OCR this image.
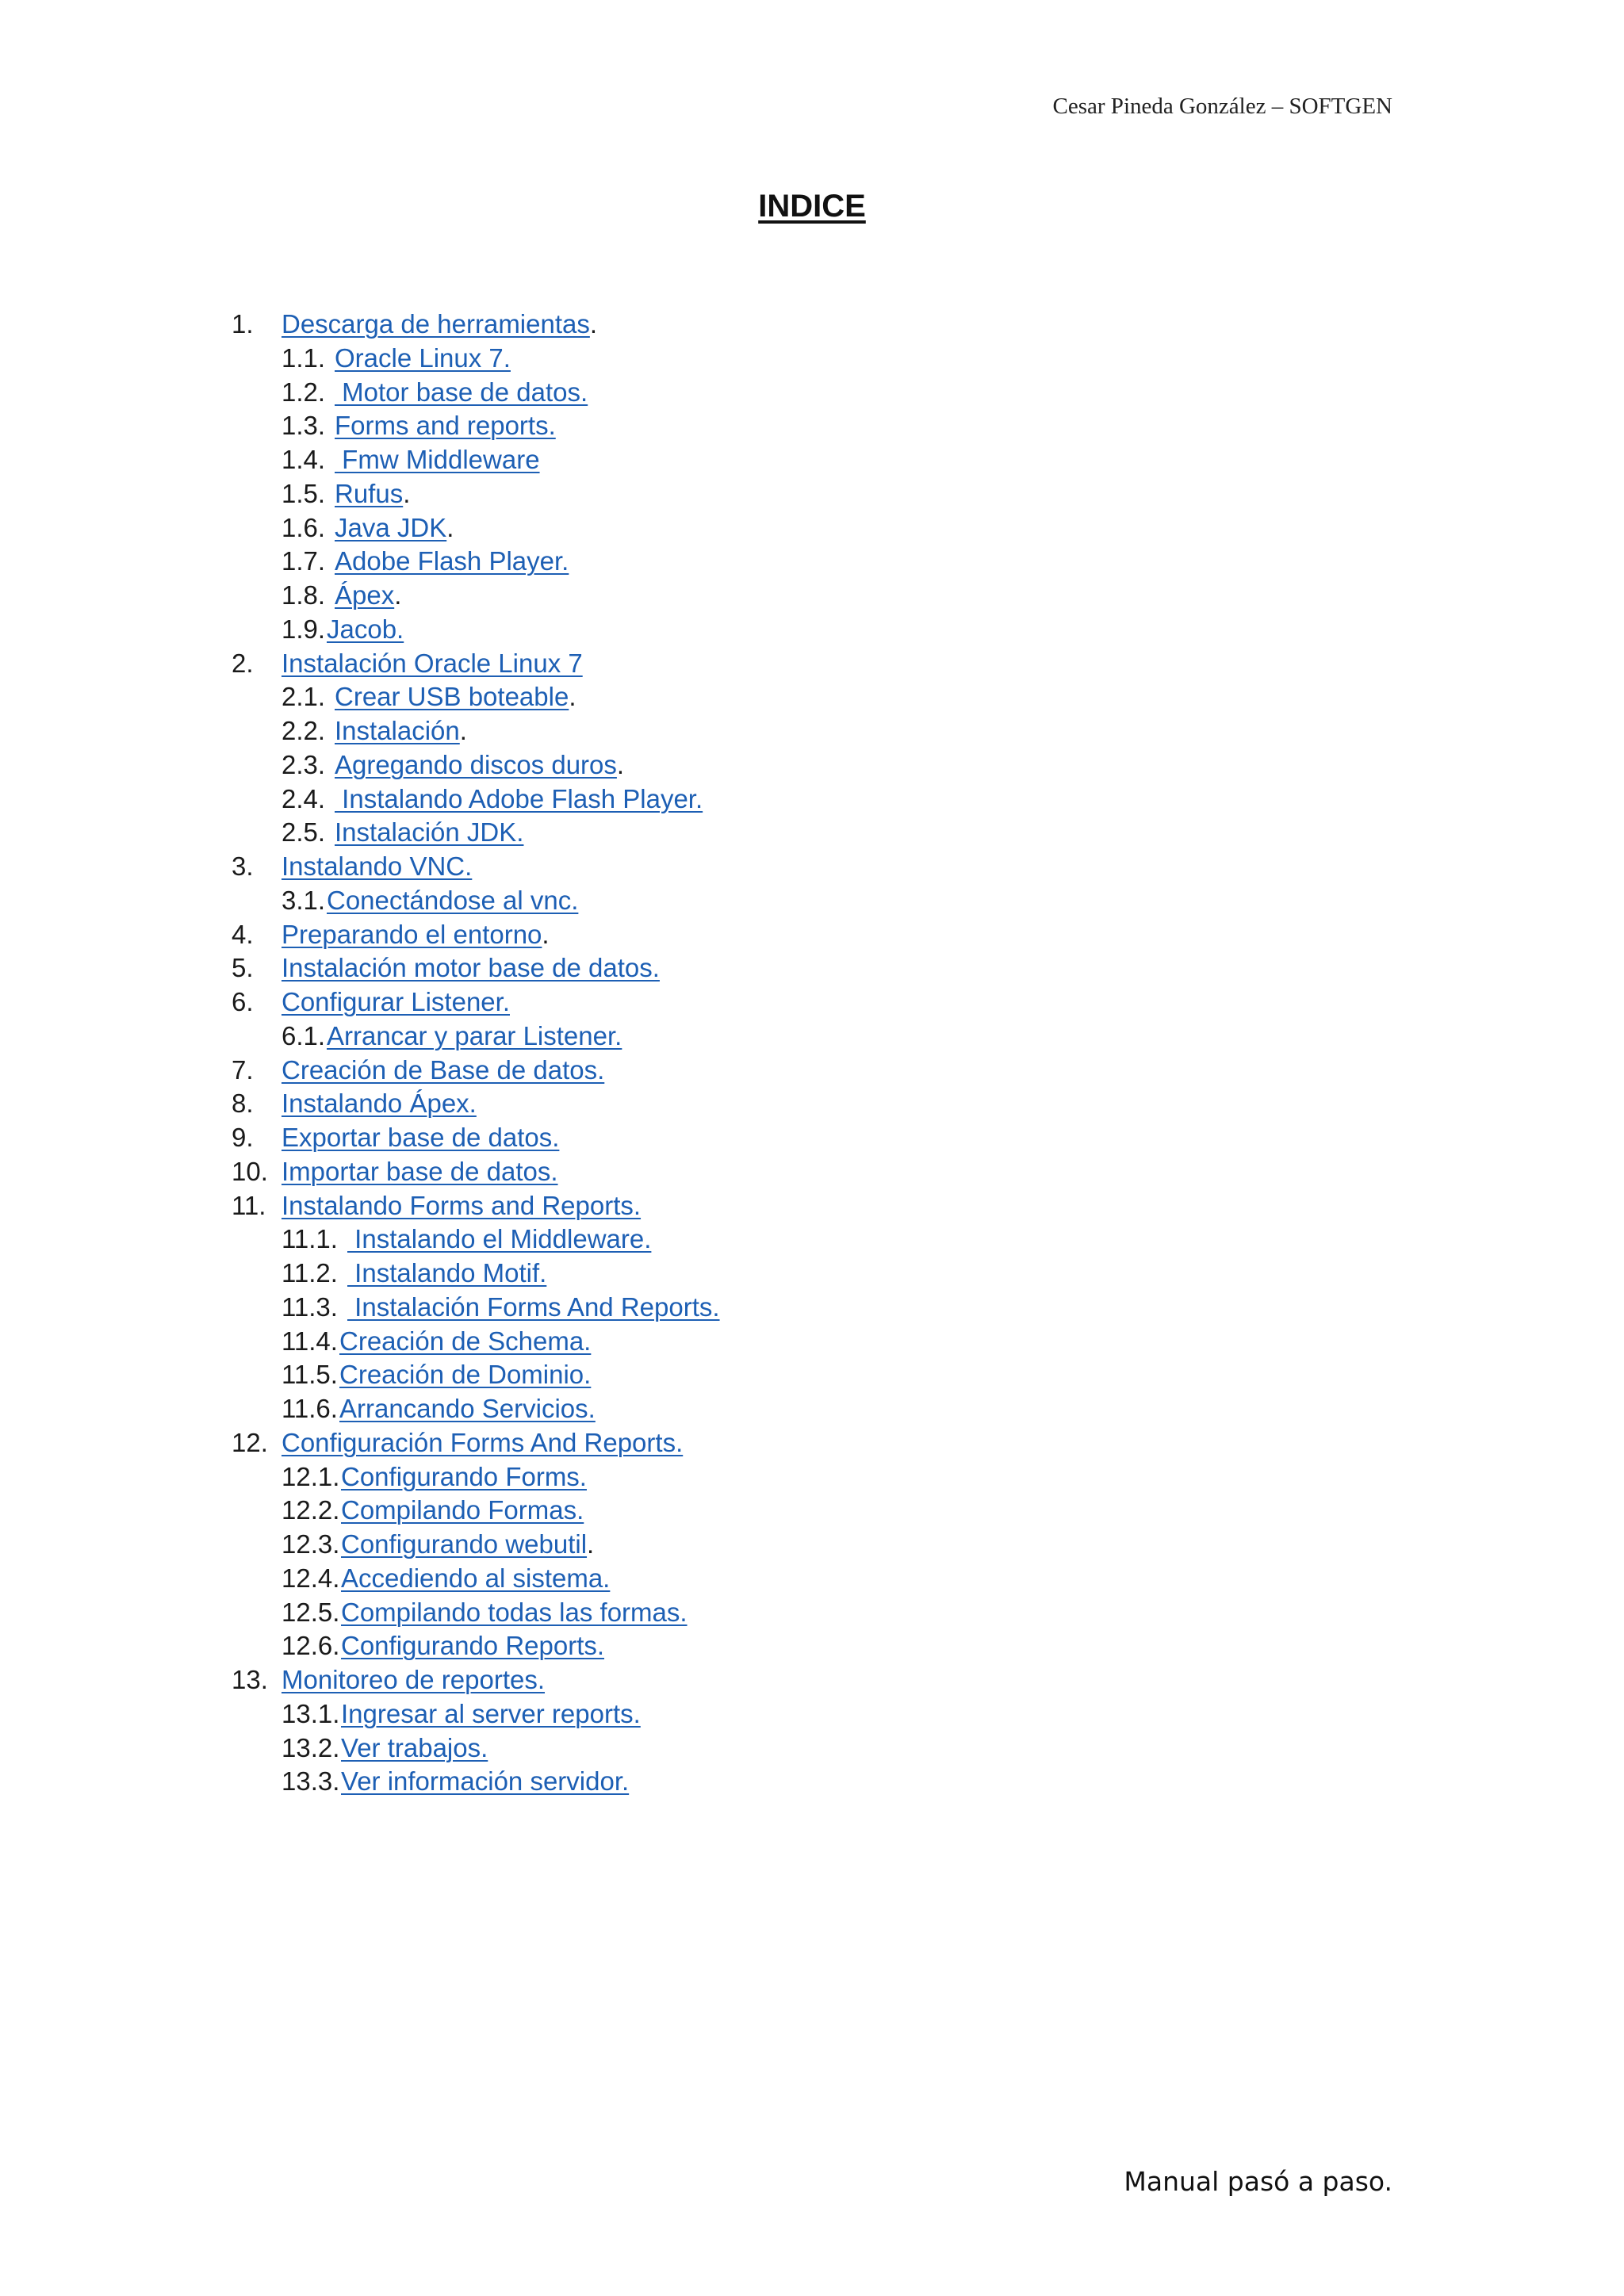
Cesar Pineda González – SOFTGEN
INDICE
1. Descarga de herramientas.
1.1. Oracle Linux 7.
1.2. Motor base de datos.
1.3. Forms and reports.
1.4. Fmw Middleware
1.5. Rufus.
1.6. Java JDK.
1.7. Adobe Flash Player.
1.8. Ápex.
1.9. Jacob.
2. Instalación Oracle Linux 7
2.1. Crear USB boteable.
2.2. Instalación.
2.3. Agregando discos duros.
2.4. Instalando Adobe Flash Player.
2.5. Instalación JDK.
3. Instalando VNC.
3.1. Conectándose al vnc.
4. Preparando el entorno.
5. Instalación motor base de datos.
6. Configurar Listener.
6.1. Arrancar y parar Listener.
7. Creación de Base de datos.
8. Instalando Ápex.
9. Exportar base de datos.
10. Importar base de datos.
11. Instalando Forms and Reports.
11.1. Instalando el Middleware.
11.2. Instalando Motif.
11.3. Instalación Forms And Reports.
11.4. Creación de Schema.
11.5. Creación de Dominio.
11.6. Arrancando Servicios.
12. Configuración Forms And Reports.
12.1. Configurando Forms.
12.2. Compilando Formas.
12.3. Configurando webutil.
12.4. Accediendo al sistema.
12.5. Compilando todas las formas.
12.6. Configurando Reports.
13. Monitoreo de reportes.
13.1. Ingresar al server reports.
13.2. Ver trabajos.
13.3. Ver información servidor.
Manual pasó a paso.
